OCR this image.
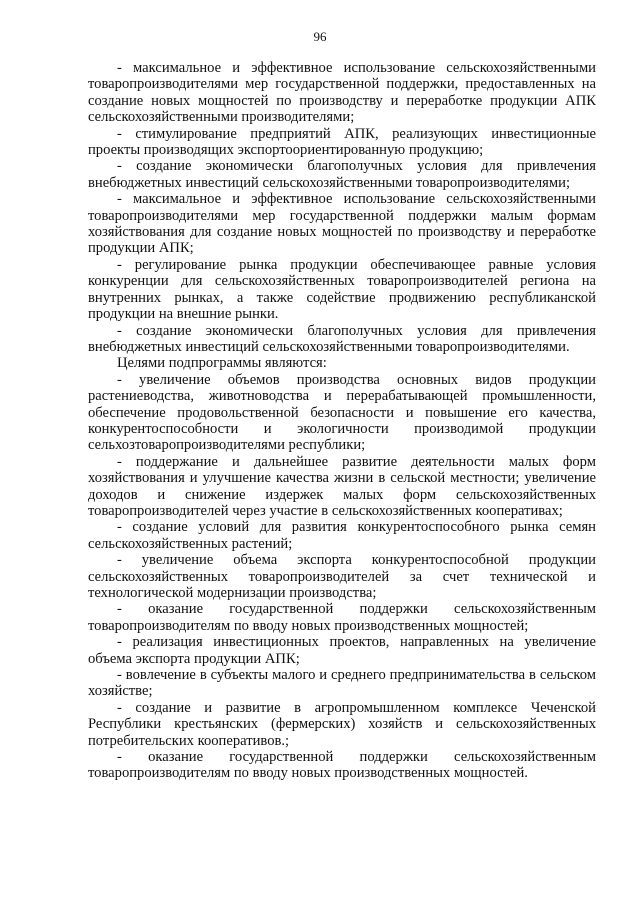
96

- максимальное и эффективное использование сельскохозяйственными товаропроизводителями мер государственной поддержки, предоставленных на создание новых мощностей по производству и переработке продукции АПК сельскохозяйственными производителями;

- стимулирование предприятий АПК, реализующих инвестиционные проекты производящих экспортоориентированную продукцию;

- создание экономически благополучных условия для привлечения внебюджетных инвестиций сельскохозяйственными товаропроизводителями;

- максимальное и эффективное использование сельскохозяйственными товаропроизводителями мер государственной поддержки малым формам хозяйствования для создание новых мощностей по производству и переработке продукции АПК;

- регулирование рынка продукции обеспечивающее равные условия конкуренции для сельскохозяйственных товаропроизводителей региона на внутренних рынках, а также содействие продвижению республиканской продукции на внешние рынки.

- создание экономически благополучных условия для привлечения внебюджетных инвестиций сельскохозяйственными товаропроизводителями.

Целями подпрограммы являются:

- увеличение объемов производства основных видов продукции растениеводства, животноводства и перерабатывающей промышленности, обеспечение продовольственной безопасности и повышение его качества, конкурентоспособности и экологичности производимой продукции сельхозтоваропроизводителями республики;

- поддержание и дальнейшее развитие деятельности малых форм хозяйствования и улучшение качества жизни в сельской местности; увеличение доходов и снижение издержек малых форм сельскохозяйственных товаропроизводителей через участие в сельскохозяйственных кооперативах;

- создание условий для развития конкурентоспособного рынка семян сельскохозяйственных растений;

- увеличение объема экспорта конкурентоспособной продукции сельскохозяйственных товаропроизводителей за счет технической и технологической модернизации производства;

- оказание государственной поддержки сельскохозяйственным товаропроизводителям по вводу новых производственных мощностей;

- реализация инвестиционных проектов, направленных на увеличение объема экспорта продукции АПК;

- вовлечение в субъекты малого и среднего предпринимательства в сельском хозяйстве;

- создание и развитие в агропромышленном комплексе Чеченской Республики крестьянских (фермерских) хозяйств и сельскохозяйственных потребительских кооперативов.;

- оказание государственной поддержки сельскохозяйственным товаропроизводителям по вводу новых производственных мощностей.
